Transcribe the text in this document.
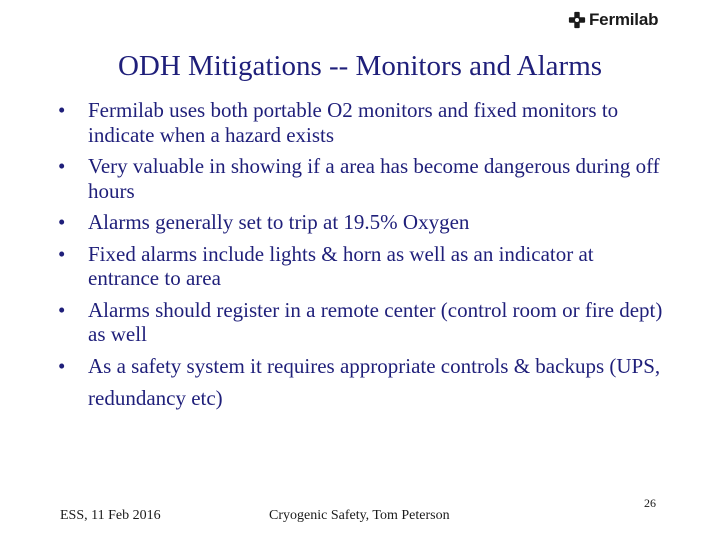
Fermilab
ODH Mitigations -- Monitors and Alarms
• Fermilab uses both portable O2 monitors and fixed monitors to indicate when a hazard exists
• Very valuable in showing if a area has become dangerous during off hours
• Alarms generally set to trip at 19.5% Oxygen
• Fixed alarms include lights & horn as well as an indicator at entrance to area
• Alarms should register in a remote center (control room or fire dept) as well
• As a safety system it requires appropriate controls & backups (UPS, redundancy etc)
ESS, 11 Feb 2016	Cryogenic Safety, Tom Peterson
26
